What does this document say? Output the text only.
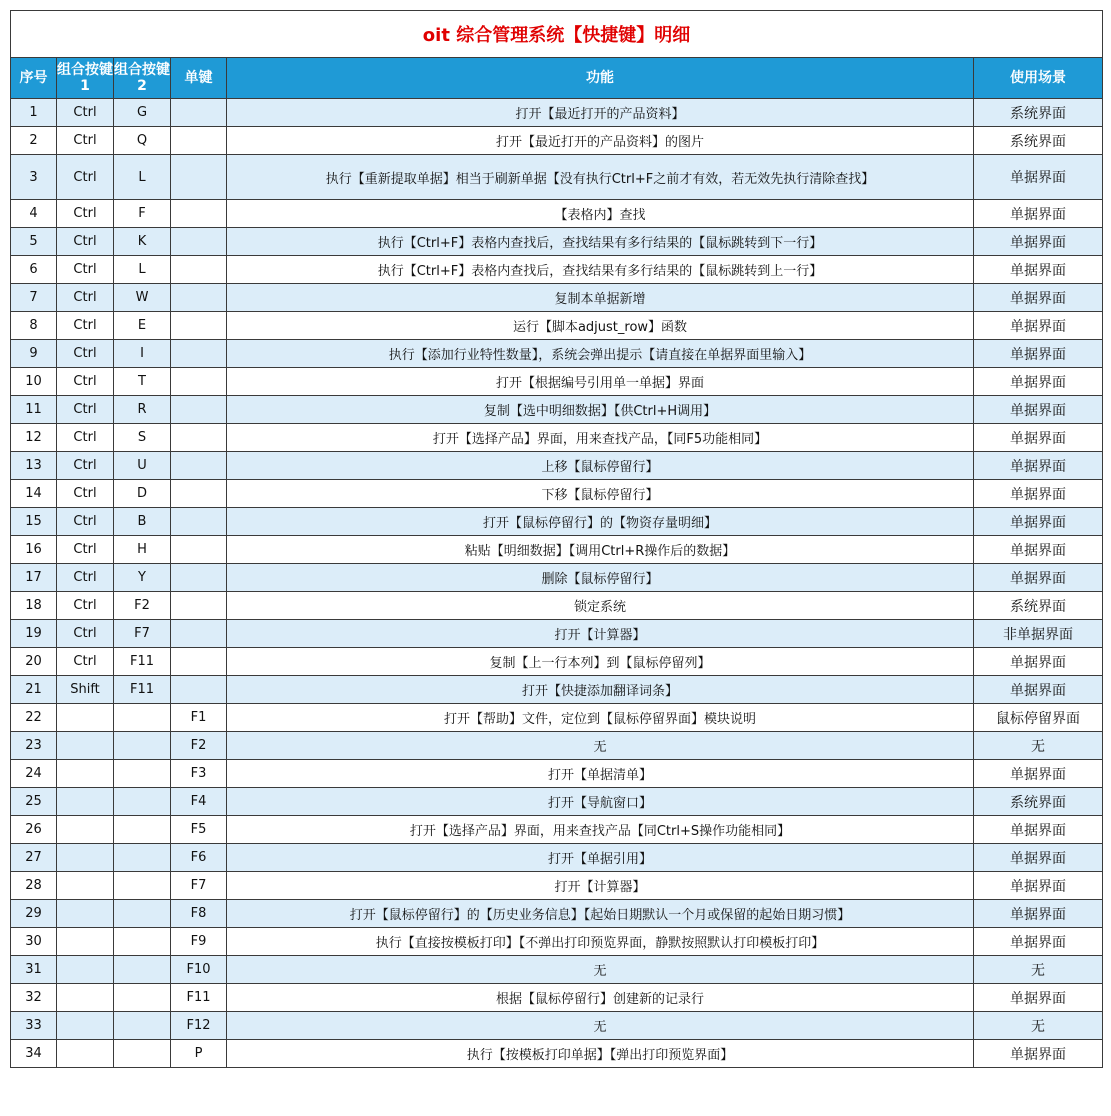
oit 综合管理系统【快捷键】明细					
序号	组合按键1	组合按键2	单键	功能	使用场景
1	Ctrl	G		打开【最近打开的产品资料】	系统界面
2	Ctrl	Q		打开【最近打开的产品资料】的图片	系统界面
3	Ctrl	L		执行【重新提取单据】相当于刷新单据【没有执行Ctrl+F之前才有效，若无效先执行清除查找】	单据界面
4	Ctrl	F		【表格内】查找	单据界面
5	Ctrl	K		执行【Ctrl+F】表格内查找后，查找结果有多行结果的【鼠标跳转到下一行】	单据界面
6	Ctrl	L		执行【Ctrl+F】表格内查找后，查找结果有多行结果的【鼠标跳转到上一行】	单据界面
7	Ctrl	W		复制本单据新增	单据界面
8	Ctrl	E		运行【脚本adjust_row】函数	单据界面
9	Ctrl	I		执行【添加行业特性数量】，系统会弹出提示【请直接在单据界面里输入】	单据界面
10	Ctrl	T		打开【根据编号引用单一单据】界面	单据界面
11	Ctrl	R		复制【选中明细数据】【供Ctrl+H调用】	单据界面
12	Ctrl	S		打开【选择产品】界面，用来查找产品，【同F5功能相同】	单据界面
13	Ctrl	U		上移【鼠标停留行】	单据界面
14	Ctrl	D		下移【鼠标停留行】	单据界面
15	Ctrl	B		打开【鼠标停留行】的【物资存量明细】	单据界面
16	Ctrl	H		粘贴【明细数据】【调用Ctrl+R操作后的数据】	单据界面
17	Ctrl	Y		删除【鼠标停留行】	单据界面
18	Ctrl	F2		锁定系统	系统界面
19	Ctrl	F7		打开【计算器】	非单据界面
20	Ctrl	F11		复制【上一行本列】到【鼠标停留列】	单据界面
21	Shift	F11		打开【快捷添加翻译词条】	单据界面
22			F1	打开【帮助】文件，定位到【鼠标停留界面】模块说明	鼠标停留界面
23			F2	无	无
24			F3	打开【单据清单】	单据界面
25			F4	打开【导航窗口】	系统界面
26			F5	打开【选择产品】界面，用来查找产品【同Ctrl+S操作功能相同】	单据界面
27			F6	打开【单据引用】	单据界面
28			F7	打开【计算器】	单据界面
29			F8	打开【鼠标停留行】的【历史业务信息】【起始日期默认一个月或保留的起始日期习惯】	单据界面
30			F9	执行【直接按模板打印】【不弹出打印预览界面，静默按照默认打印模板打印】	单据界面
31			F10	无	无
32			F11	根据【鼠标停留行】创建新的记录行	单据界面
33			F12	无	无
34			P	执行【按模板打印单据】【弹出打印预览界面】	单据界面
